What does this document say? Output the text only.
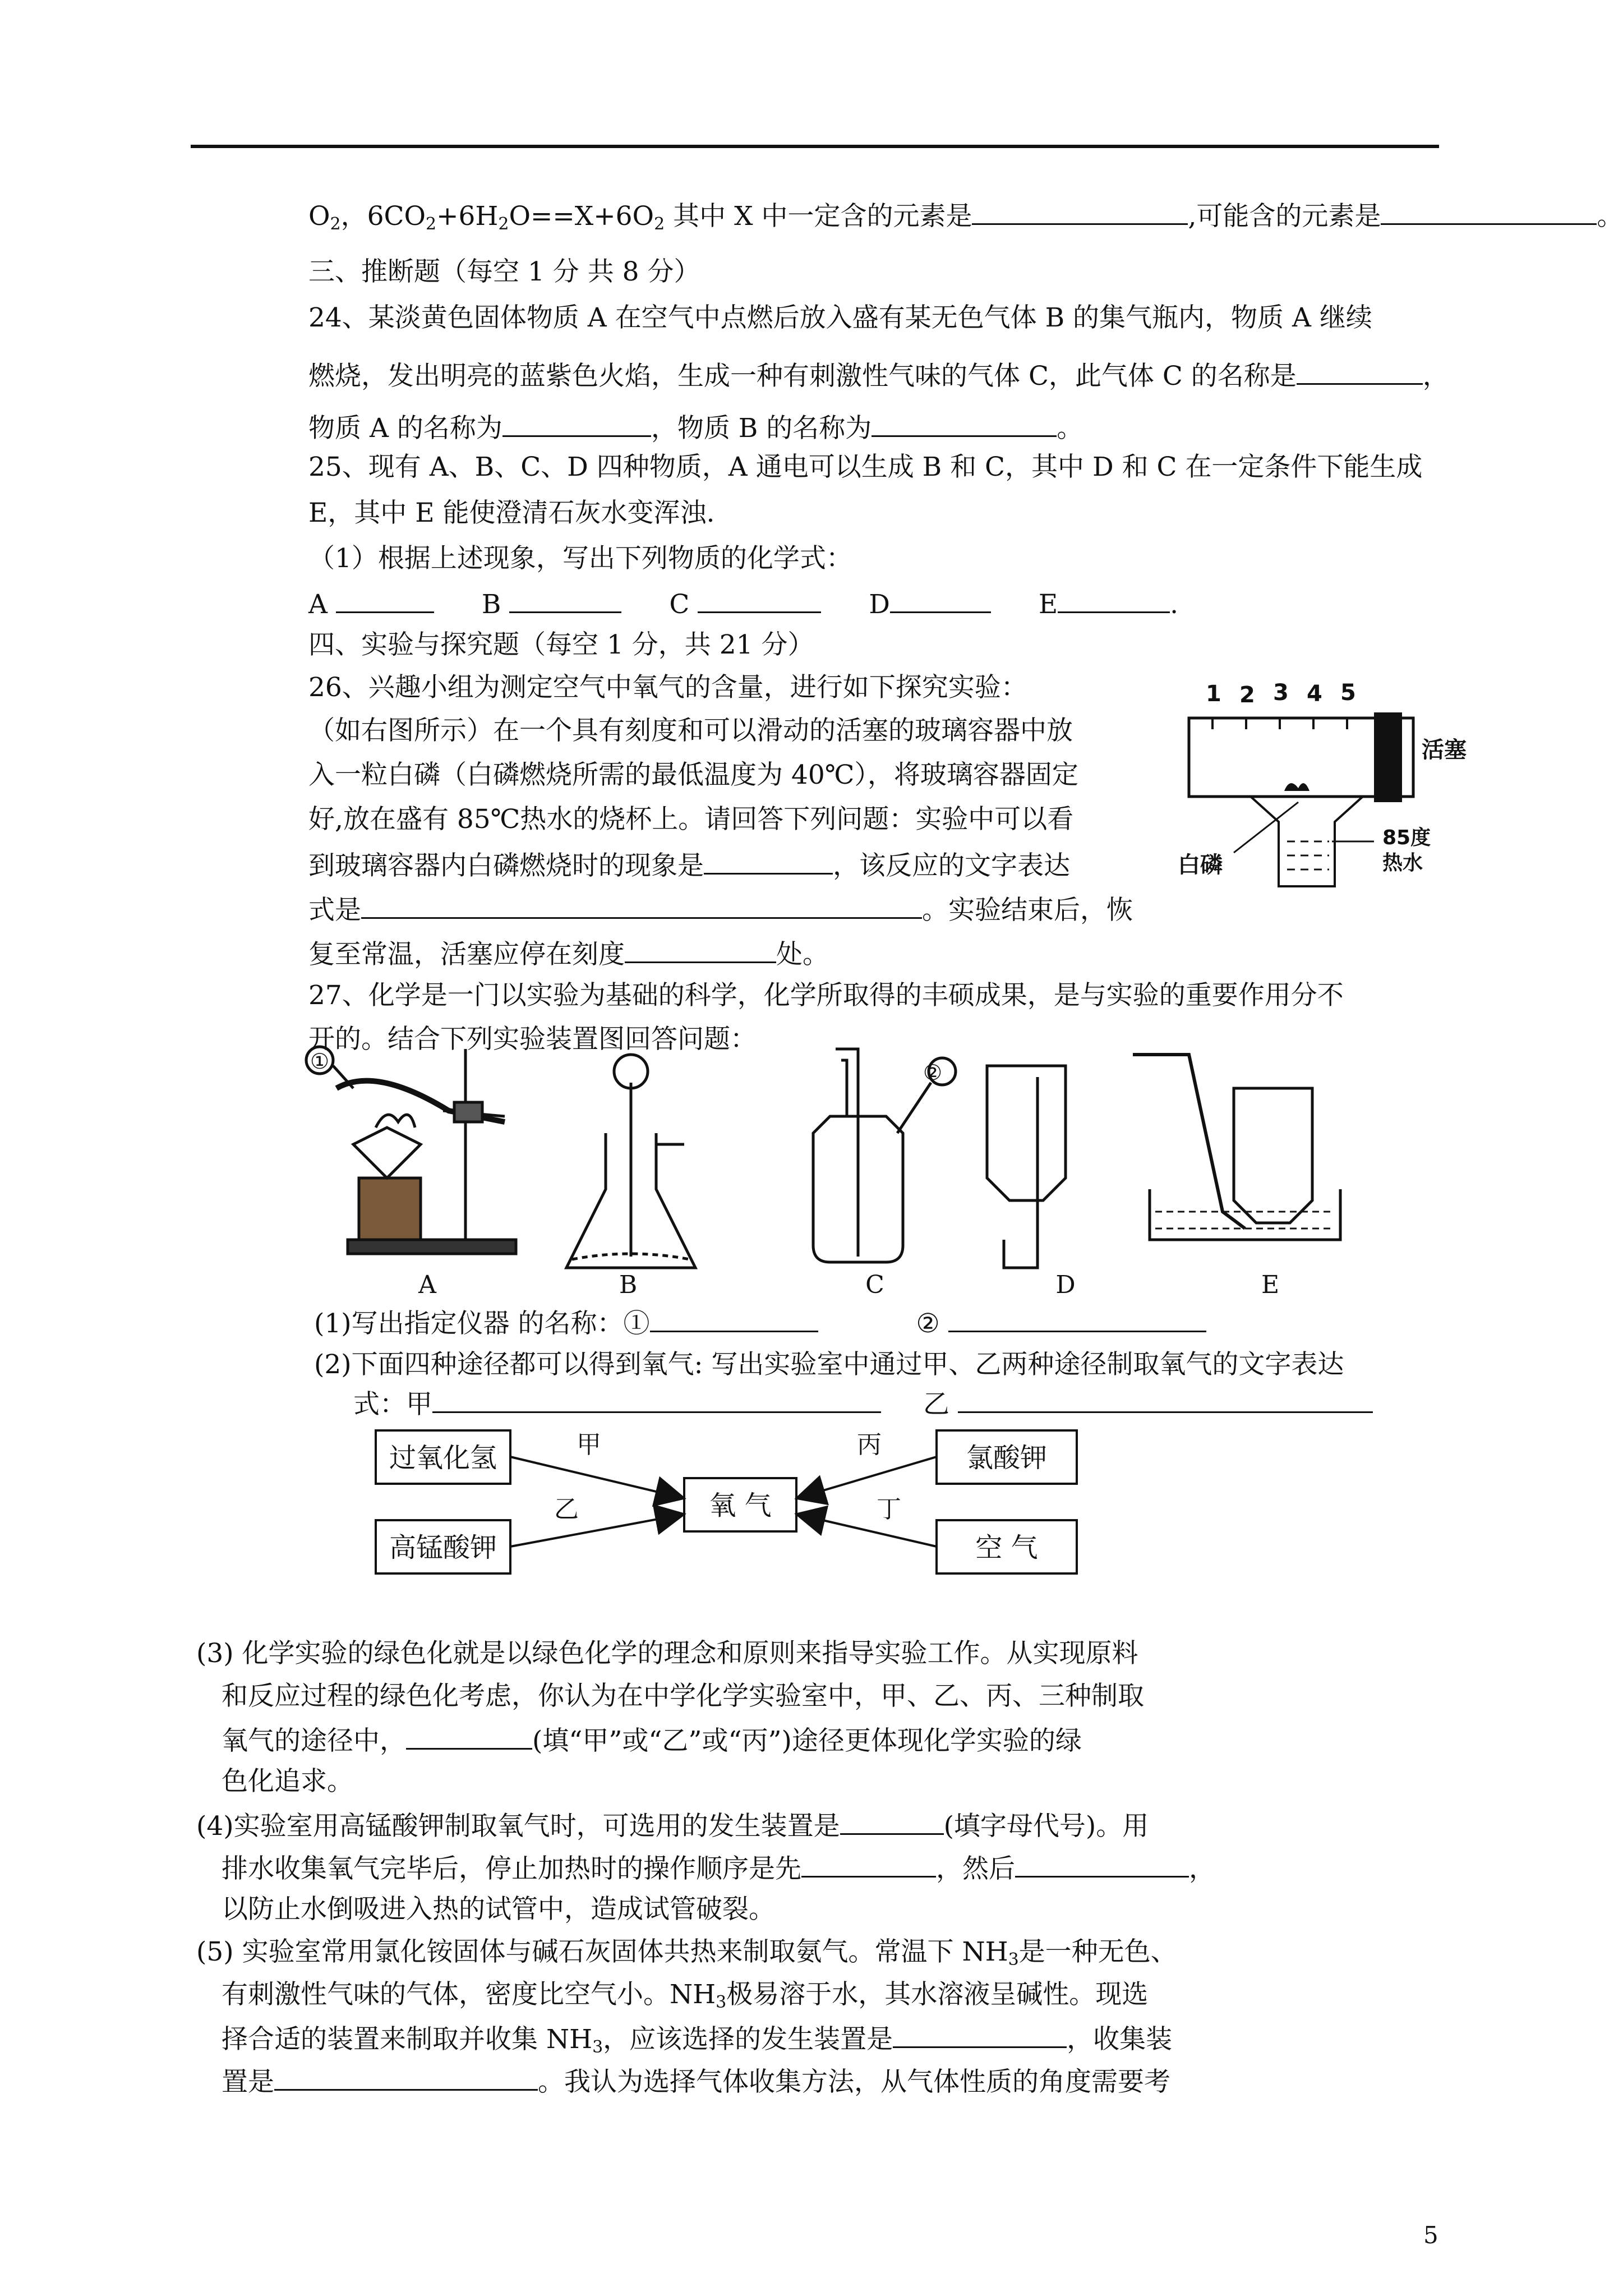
$O_2$，$6CO_2+6H_2O==X+6O_2$ 其中 X 中一定含的元素是	,可能含的元素是	。
三、推断题（每空 1 分 共 8 分）
24、某淡黄色固体物质 A 在空气中点燃后放入盛有某无色气体 B 的集气瓶内，物质 A 继续
燃烧，发出明亮的蓝紫色火焰，生成一种有刺激性气味的气体 C，此气体 C 的名称是	，
物质 A 的名称为	，物质 B 的名称为	。
25、现有 A、B、C、D 四种物质，A 通电可以生成 B 和 C，其中 D 和 C 在一定条件下能生成
E，其中 E 能使澄清石灰水变浑浊.
（1）根据上述现象，写出下列物质的化学式：
A	B	C	D	E	.
四、实验与探究题（每空 1 分，共 21 分）
26、兴趣小组为测定空气中氧气的含量，进行如下探究实验：
（如右图所示）在一个具有刻度和可以滑动的活塞的玻璃容器中放
入一粒白磷（白磷燃烧所需的最低温度为 40℃），将玻璃容器固定
好,放在盛有 85℃热水的烧杯上。请回答下列问题：实验中可以看
到玻璃容器内白磷燃烧时的现象是	，该反应的文字表达
式是	。实验结束后，恢
复至常温，活塞应停在刻度	处。
1 2 3 4 5
活塞
白磷
85度
热水
27、化学是一门以实验为基础的科学，化学所取得的丰硕成果，是与实验的重要作用分不
开的。结合下列实验装置图回答问题：
②
①
A	B	C	D	E
(1)写出指定仪器 的名称：①	②
(2)下面四种途径都可以得到氧气: 写出实验室中通过甲、乙两种途径制取氧气的文字表达
式：甲	乙
过氧化氢
高锰酸钾
氧 气
氯酸钾
空 气
甲
乙
丙
丁
(3) 化学实验的绿色化就是以绿色化学的理念和原则来指导实验工作。从实现原料
和反应过程的绿色化考虑，你认为在中学化学实验室中，甲、乙、丙、三种制取
氧气的途径中，	(填“甲”或“乙”或“丙”)途径更体现化学实验的绿
色化追求。
(4)实验室用高锰酸钾制取氧气时，可选用的发生装置是	(填字母代号)。用
排水收集氧气完毕后，停止加热时的操作顺序是先	，然后	，
以防止水倒吸进入热的试管中，造成试管破裂。
(5) 实验室常用氯化铵固体与碱石灰固体共热来制取氨气。常温下 $NH_3$是一种无色、
有刺激性气味的气体，密度比空气小。$NH_3$极易溶于水，其水溶液呈碱性。现选
择合适的装置来制取并收集 $NH_3$，应该选择的发生装置是	，收集装
置是	。我认为选择气体收集方法，从气体性质的角度需要考
5
